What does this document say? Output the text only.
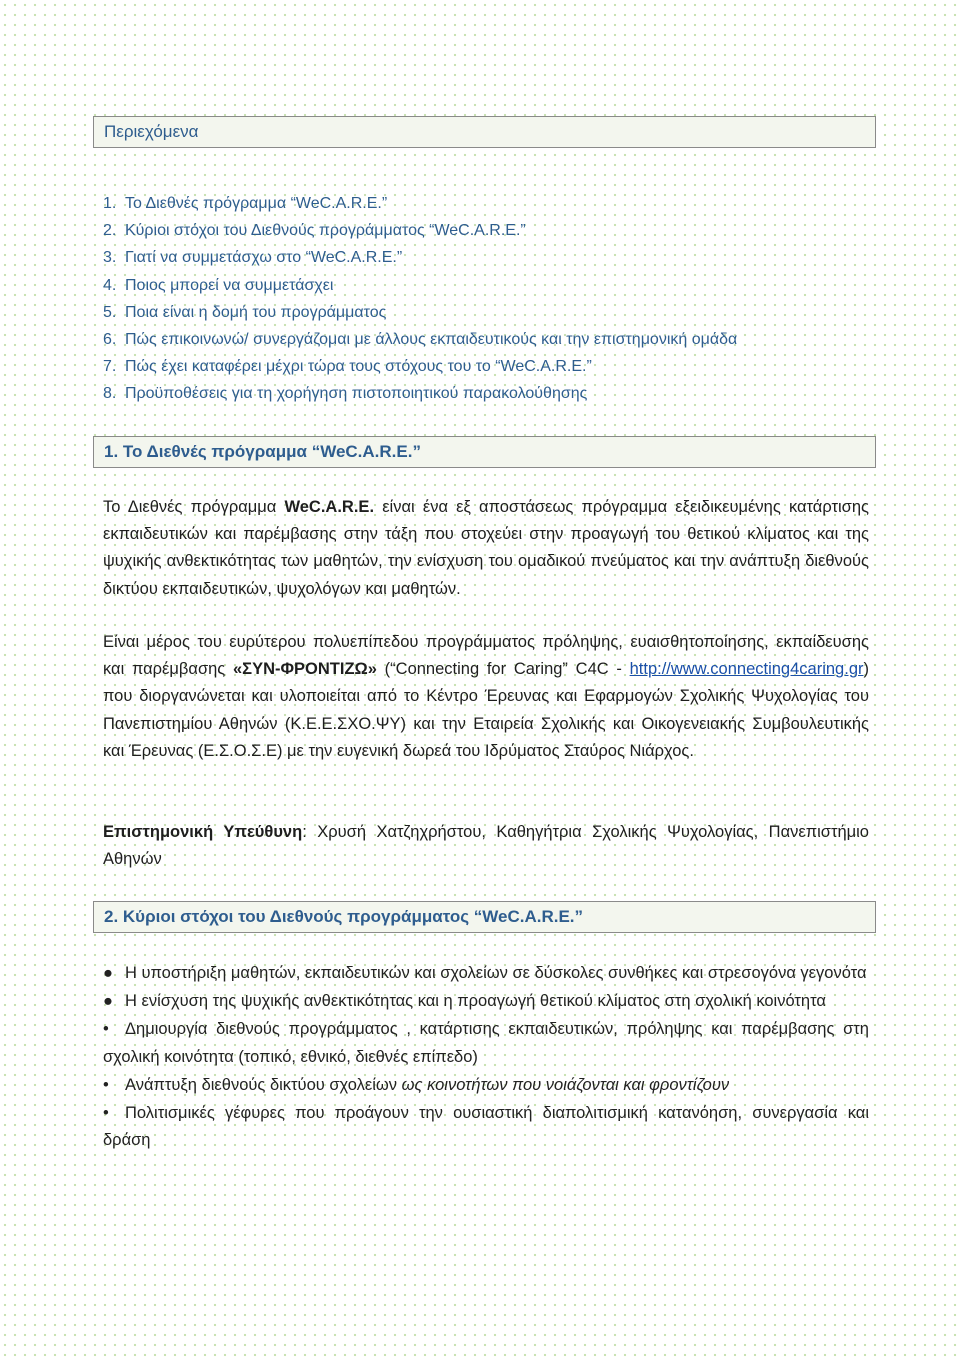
Περιεχόμενα
1. Το Διεθνές πρόγραμμα “WeC.A.R.E.”
2. Κύριοι στόχοι του Διεθνούς προγράμματος “WeC.A.R.E.”
3. Γιατί να συμμετάσχω στο “WeC.A.R.E.”
4. Ποιος μπορεί να συμμετάσχει
5. Ποια είναι η δομή του προγράμματος
6. Πώς επικοινωνώ/ συνεργάζομαι με άλλους εκπαιδευτικούς και την επιστημονική ομάδα
7. Πώς έχει καταφέρει μέχρι τώρα τους στόχους του το “WeC.A.R.E.”
8. Προϋποθέσεις για τη χορήγηση πιστοποιητικού παρακολούθησης
1. Το Διεθνές πρόγραμμα “WeC.A.R.E.”

Το Διεθνές πρόγραμμα WeC.A.R.E. είναι ένα εξ αποστάσεως πρόγραμμα εξειδικευμένης κατάρτισης εκπαιδευτικών και παρέμβασης στην τάξη που στοχεύει στην προαγωγή του θετικού κλίματος και της ψυχικής ανθεκτικότητας των μαθητών, την ενίσχυση του ομαδικού πνεύματος και την ανάπτυξη διεθνούς δικτύου εκπαιδευτικών, ψυχολόγων και μαθητών.

Είναι μέρος του ευρύτερου πολυεπίπεδου προγράμματος πρόληψης, ευαισθητοποίησης, εκπαίδευσης και παρέμβασης «ΣΥΝ-ΦΡΟΝΤΙΖΩ» (“Connecting for Caring” C4C - http://www.connecting4caring.gr) που διοργανώνεται και υλοποιείται από το Κέντρο Έρευνας και Εφαρμογών Σχολικής Ψυχολογίας του Πανεπιστημίου Αθηνών (Κ.Ε.Ε.ΣΧΟ.ΨΥ) και την Εταιρεία Σχολικής και Οικογενειακής Συμβουλευτικής και Έρευνας (Ε.Σ.Ο.Σ.Ε) με την ευγενική δωρεά του Ιδρύματος Σταύρος Νιάρχος.

Επιστημονική Υπεύθυνη: Χρυσή Χατζηχρήστου, Καθηγήτρια Σχολικής Ψυχολογίας, Πανεπιστήμιο Αθηνών

2. Κύριοι στόχοι του Διεθνούς προγράμματος “WeC.A.R.E.”
● Η υποστήριξη μαθητών, εκπαιδευτικών και σχολείων σε δύσκολες συνθήκες και στρεσογόνα γεγονότα
● Η ενίσχυση της ψυχικής ανθεκτικότητας και η προαγωγή θετικού κλίματος στη σχολική κοινότητα
• Δημιουργία διεθνούς προγράμματος , κατάρτισης εκπαιδευτικών, πρόληψης και παρέμβασης στη σχολική κοινότητα (τοπικό, εθνικό, διεθνές επίπεδο)
• Ανάπτυξη διεθνούς δικτύου σχολείων ως κοινοτήτων που νοιάζονται και φροντίζουν
• Πολιτισμικές γέφυρες που προάγουν την ουσιαστική διαπολιτισμική κατανόηση, συνεργασία και δράση
